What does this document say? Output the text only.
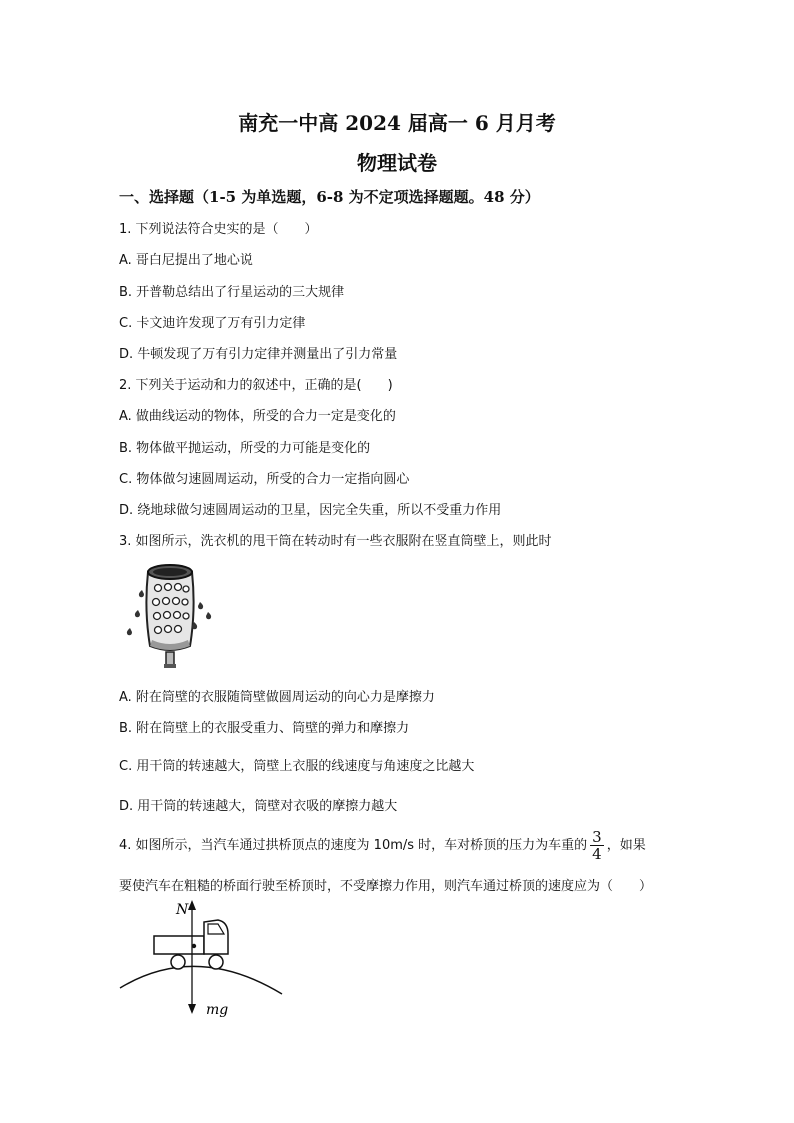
南充一中高 2024 届高一 6 月月考
物理试卷
一、选择题（1-5 为单选题，6-8 为不定项选择题题。48 分）
1. 下列说法符合史实的是（　　）
A. 哥白尼提出了地心说
B. 开普勒总结出了行星运动的三大规律
C. 卡文迪许发现了万有引力定律
D. 牛顿发现了万有引力定律并测量出了引力常量
2. 下列关于运动和力的叙述中，正确的是(　　)
A. 做曲线运动的物体，所受的合力一定是变化的
B. 物体做平抛运动，所受的力可能是变化的
C. 物体做匀速圆周运动，所受的合力一定指向圆心
D. 绕地球做匀速圆周运动的卫星，因完全失重，所以不受重力作用
3. 如图所示，洗衣机的甩干筒在转动时有一些衣服附在竖直筒壁上，则此时
A. 附在筒壁的衣服随筒壁做圆周运动的向心力是摩擦力
B. 附在筒壁上的衣服受重力、筒壁的弹力和摩擦力
C. 用干筒的转速越大，筒壁上衣服的线速度与角速度之比越大
D. 用干筒的转速越大，筒壁对衣吸的摩擦力越大
4. 如图所示，当汽车通过拱桥顶点的速度为 10m/s 时，车对桥顶的压力为车重的 $\frac{3}{4}$ ，如果
要使汽车在粗糙的桥面行驶至桥顶时，不受摩擦力作用，则汽车通过桥顶的速度应为（　　）
N
mg
